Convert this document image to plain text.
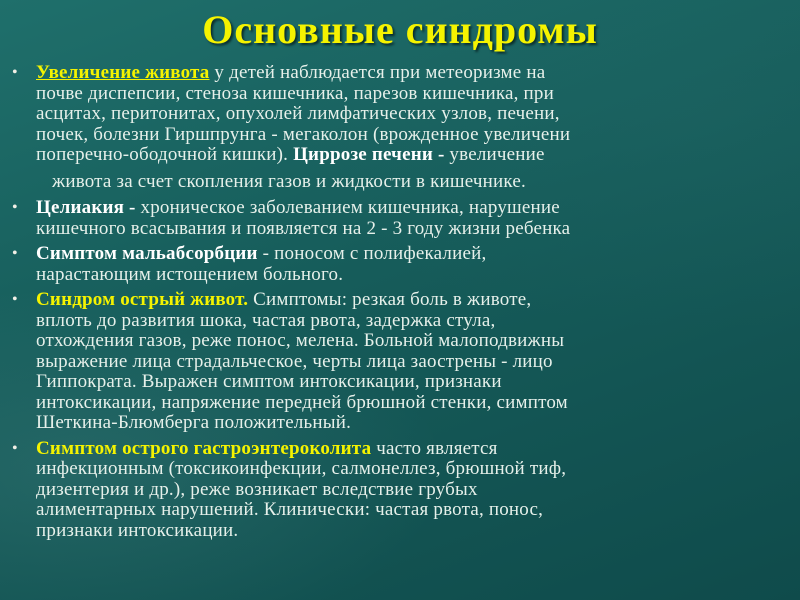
Основные синдромы
• Увеличение живота у детей наблюдается при метеоризме на
почве диспепсии, стеноза кишечника, парезов кишечника, при
асцитах, перитонитах, опухолей лимфатических узлов, печени,
почек, болезни Гиршпрунга - мегаколон (врожденное увеличени
поперечно-ободочной кишки). Циррозе печени - увеличение
живота за счет скопления газов и жидкости в кишечнике.
• Целиакия - хроническое заболеванием кишечника, нарушение
кишечного всасывания и появляется на 2 - 3 году жизни ребенка
• Симптом мальабсорбции - поносом с полифекалией,
нарастающим истощением больного.
• Синдром острый живот. Симптомы: резкая боль в животе,
вплоть до развития шока, частая рвота, задержка стула,
отхождения газов, реже понос, мелена. Больной малоподвижны
выражение лица страдальческое, черты лица заострены - лицо
Гиппократа. Выражен симптом интоксикации, признаки
интоксикации, напряжение передней брюшной стенки, симптом
Шеткина-Блюмберга положительный.
• Симптом острого гастроэнтероколита часто является
инфекционным (токсикоинфекции, салмонеллез, брюшной тиф,
дизентерия и др.), реже возникает вследствие грубых
алиментарных нарушений. Клинически: частая рвота, понос,
признаки интоксикации.
